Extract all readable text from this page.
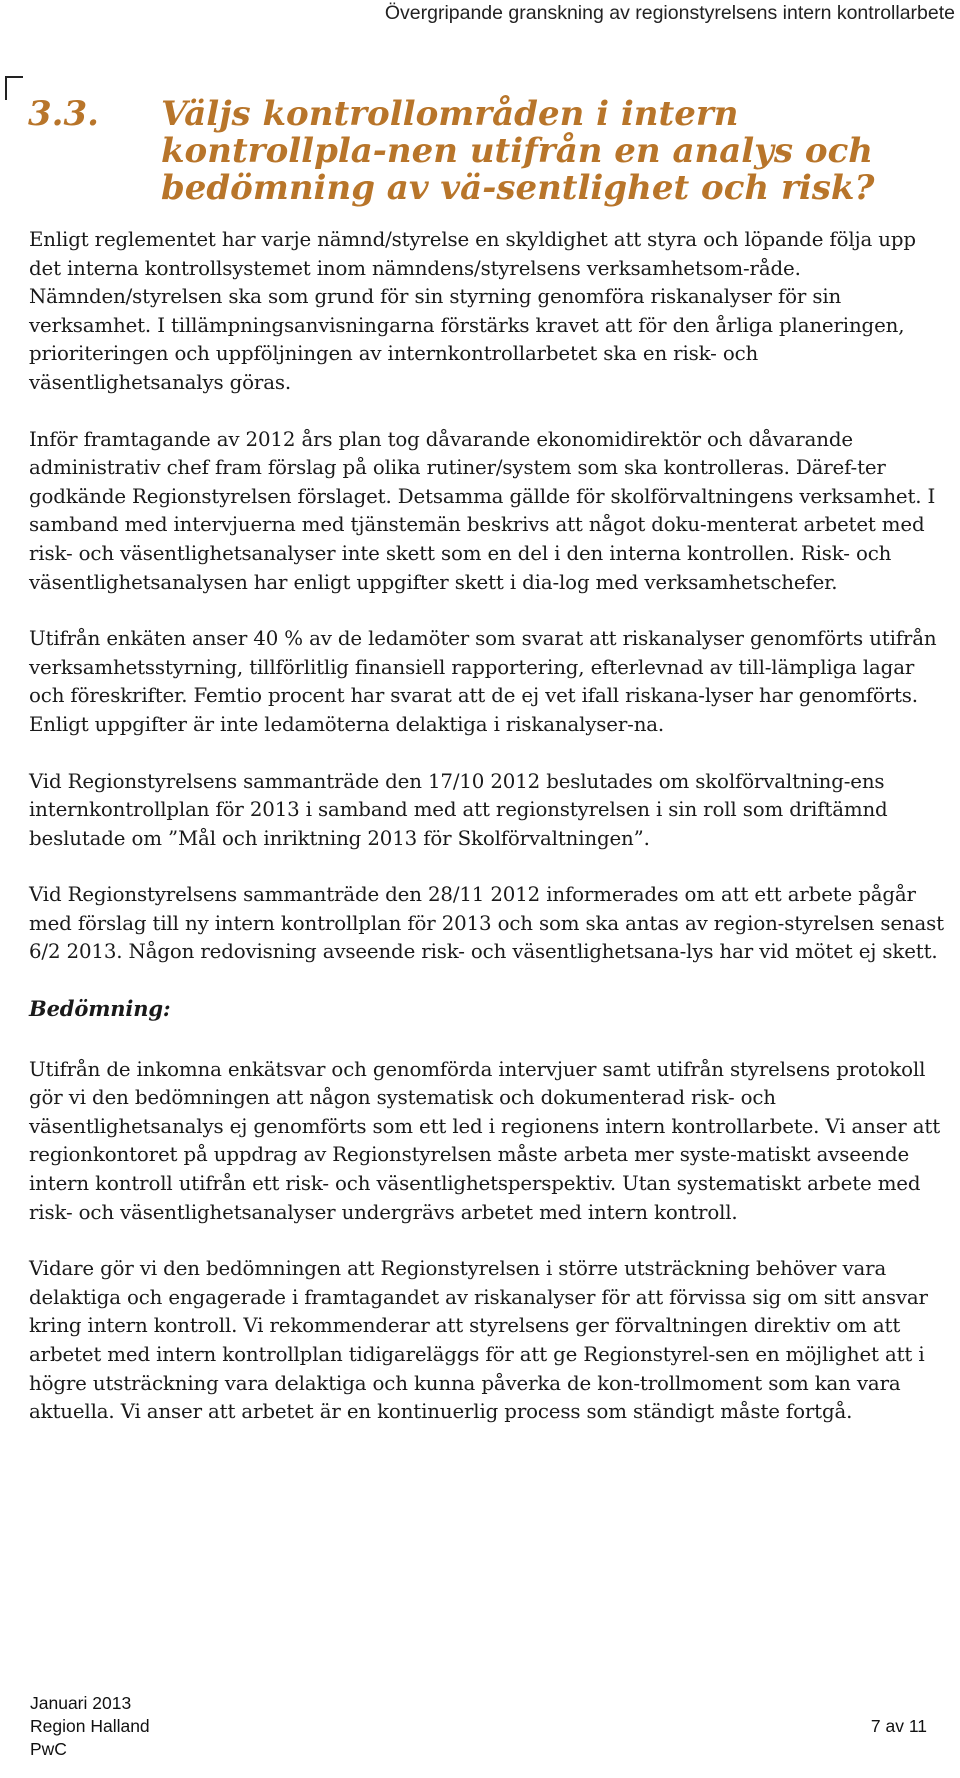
Övergripande granskning av regionstyrelsens intern kontrollarbete
3.3.	Väljs kontrollområden i intern kontrollpla-nen utifrån en analys och bedömning av vä-sentlighet och risk?

Enligt reglementet har varje nämnd/styrelse en skyldighet att styra och löpande följa upp det interna kontrollsystemet inom nämndens/styrelsens verksamhetsom-råde. Nämnden/styrelsen ska som grund för sin styrning genomföra riskanalyser för sin verksamhet. I tillämpningsanvisningarna förstärks kravet att för den årliga planeringen, prioriteringen och uppföljningen av internkontrollarbetet ska en risk- och väsentlighetsanalys göras.

Inför framtagande av 2012 års plan tog dåvarande ekonomidirektör och dåvarande administrativ chef fram förslag på olika rutiner/system som ska kontrolleras. Däref-ter godkände Regionstyrelsen förslaget. Detsamma gällde för skolförvaltningens verksamhet. I samband med intervjuerna med tjänstemän beskrivs att något doku-menterat arbetet med risk- och väsentlighetsanalyser inte skett som en del i den interna kontrollen. Risk- och väsentlighetsanalysen har enligt uppgifter skett i dia-log med verksamhetschefer.

Utifrån enkäten anser 40 % av de ledamöter som svarat att riskanalyser genomförts utifrån verksamhetsstyrning, tillförlitlig finansiell rapportering, efterlevnad av till-lämpliga lagar och föreskrifter. Femtio procent har svarat att de ej vet ifall riskana-lyser har genomförts. Enligt uppgifter är inte ledamöterna delaktiga i riskanalyser-na.

Vid Regionstyrelsens sammanträde den 17/10 2012 beslutades om skolförvaltning-ens internkontrollplan för 2013 i samband med att regionstyrelsen i sin roll som driftämnd beslutade om ”Mål och inriktning 2013 för Skolförvaltningen”.

Vid Regionstyrelsens sammanträde den 28/11 2012 informerades om att ett arbete pågår med förslag till ny intern kontrollplan för 2013 och som ska antas av region-styrelsen senast 6/2 2013. Någon redovisning avseende risk- och väsentlighetsana-lys har vid mötet ej skett.

Bedömning:

Utifrån de inkomna enkätsvar och genomförda intervjuer samt utifrån styrelsens protokoll gör vi den bedömningen att någon systematisk och dokumenterad risk- och väsentlighetsanalys ej genomförts som ett led i regionens intern kontrollarbete. Vi anser att regionkontoret på uppdrag av Regionstyrelsen måste arbeta mer syste-matiskt avseende intern kontroll utifrån ett risk- och väsentlighetsperspektiv. Utan systematiskt arbete med risk- och väsentlighetsanalyser undergrävs arbetet med intern kontroll.

Vidare gör vi den bedömningen att Regionstyrelsen i större utsträckning behöver vara delaktiga och engagerade i framtagandet av riskanalyser för att förvissa sig om sitt ansvar kring intern kontroll. Vi rekommenderar att styrelsens ger förvaltningen direktiv om att arbetet med intern kontrollplan tidigareläggs för att ge Regionstyrel-sen en möjlighet att i högre utsträckning vara delaktiga och kunna påverka de kon-trollmoment som kan vara aktuella. Vi anser att arbetet är en kontinuerlig process som ständigt måste fortgå.

Januari 2013
Region Halland
PwC
7 av 11
